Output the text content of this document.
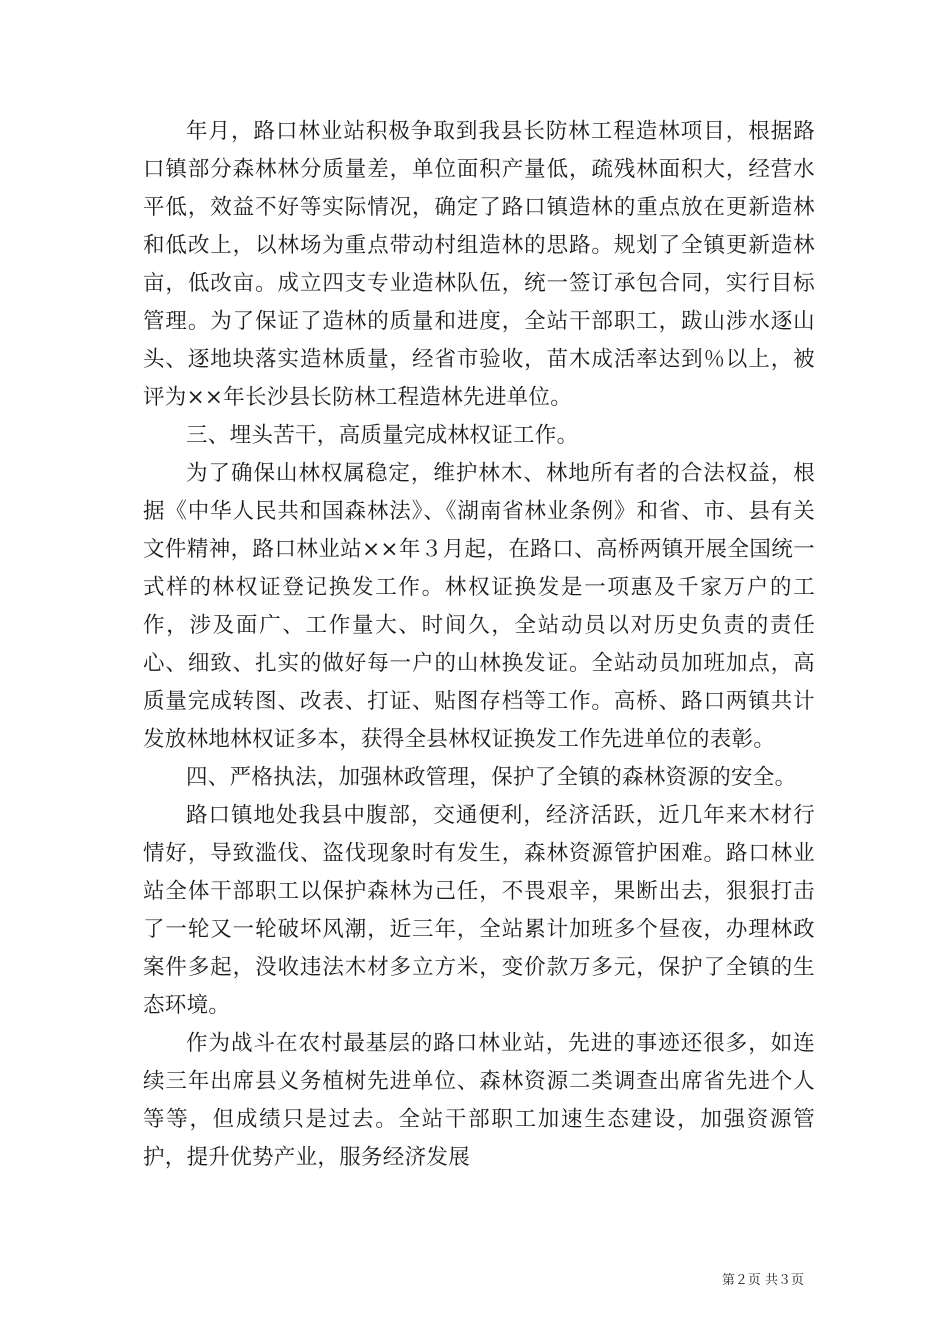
年月，路口林业站积极争取到我县长防林工程造林项目，根据路口镇部分森林林分质量差，单位面积产量低，疏残林面积大，经营水平低，效益不好等实际情况，确定了路口镇造林的重点放在更新造林和低改上，以林场为重点带动村组造林的思路。规划了全镇更新造林亩，低改亩。成立四支专业造林队伍，统一签订承包合同，实行目标管理。为了保证了造林的质量和进度，全站干部职工，跋山涉水逐山头、逐地块落实造林质量，经省市验收，苗木成活率达到％以上，被评为××年长沙县长防林工程造林先进单位。

三、埋头苦干，高质量完成林权证工作。

为了确保山林权属稳定，维护林木、林地所有者的合法权益，根据《中华人民共和国森林法》、《湖南省林业条例》和省、市、县有关文件精神，路口林业站××年３月起，在路口、高桥两镇开展全国统一式样的林权证登记换发工作。林权证换发是一项惠及千家万户的工作，涉及面广、工作量大、时间久，全站动员以对历史负责的责任心、细致、扎实的做好每一户的山林换发证。全站动员加班加点，高质量完成转图、改表、打证、贴图存档等工作。高桥、路口两镇共计发放林地林权证多本，获得全县林权证换发工作先进单位的表彰。

四、严格执法，加强林政管理，保护了全镇的森林资源的安全。

路口镇地处我县中腹部，交通便利，经济活跃，近几年来木材行情好，导致滥伐、盗伐现象时有发生，森林资源管护困难。路口林业站全体干部职工以保护森林为己任，不畏艰辛，果断出去，狠狠打击了一轮又一轮破坏风潮，近三年，全站累计加班多个昼夜，办理林政案件多起，没收违法木材多立方米，变价款万多元，保护了全镇的生态环境。

作为战斗在农村最基层的路口林业站，先进的事迹还很多，如连续三年出席县义务植树先进单位、森林资源二类调查出席省先进个人等等，但成绩只是过去。全站干部职工加速生态建设，加强资源管护，提升优势产业，服务经济发展

第２页 共３页
